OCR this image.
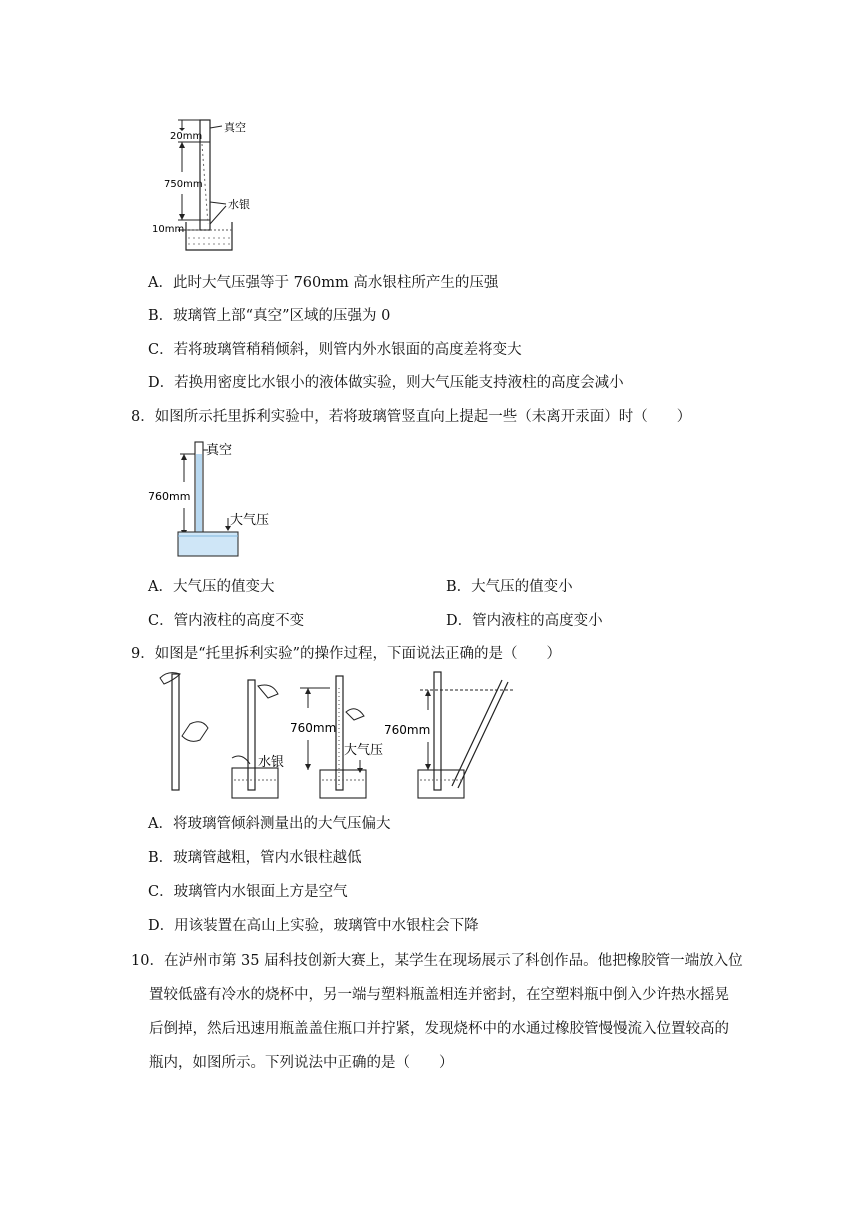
20mm
750mm
10mm
真空
水银
A．此时大气压强等于 760mm 高水银柱所产生的压强
B．玻璃管上部“真空”区域的压强为 0
C．若将玻璃管稍稍倾斜，则管内外水银面的高度差将变大
D．若换用密度比水银小的液体做实验，则大气压能支持液柱的高度会减小
8．如图所示托里拆利实验中，若将玻璃管竖直向上提起一些（未离开汞面）时（　　）
760mm
真空
大气压
A．大气压的值变大	B．大气压的值变小
C．管内液柱的高度不变	D．管内液柱的高度变小
9．如图是“托里拆利实验”的操作过程，下面说法正确的是（　　）
水银
760mm
大气压
760mm
A．将玻璃管倾斜测量出的大气压偏大
B．玻璃管越粗，管内水银柱越低
C．玻璃管内水银面上方是空气
D．用该装置在高山上实验，玻璃管中水银柱会下降
10．在泸州市第 35 届科技创新大赛上，某学生在现场展示了科创作品。他把橡胶管一端放入位
置较低盛有冷水的烧杯中，另一端与塑料瓶盖相连并密封，在空塑料瓶中倒入少许热水摇晃
后倒掉，然后迅速用瓶盖盖住瓶口并拧紧，发现烧杯中的水通过橡胶管慢慢流入位置较高的
瓶内，如图所示。下列说法中正确的是（　　）
